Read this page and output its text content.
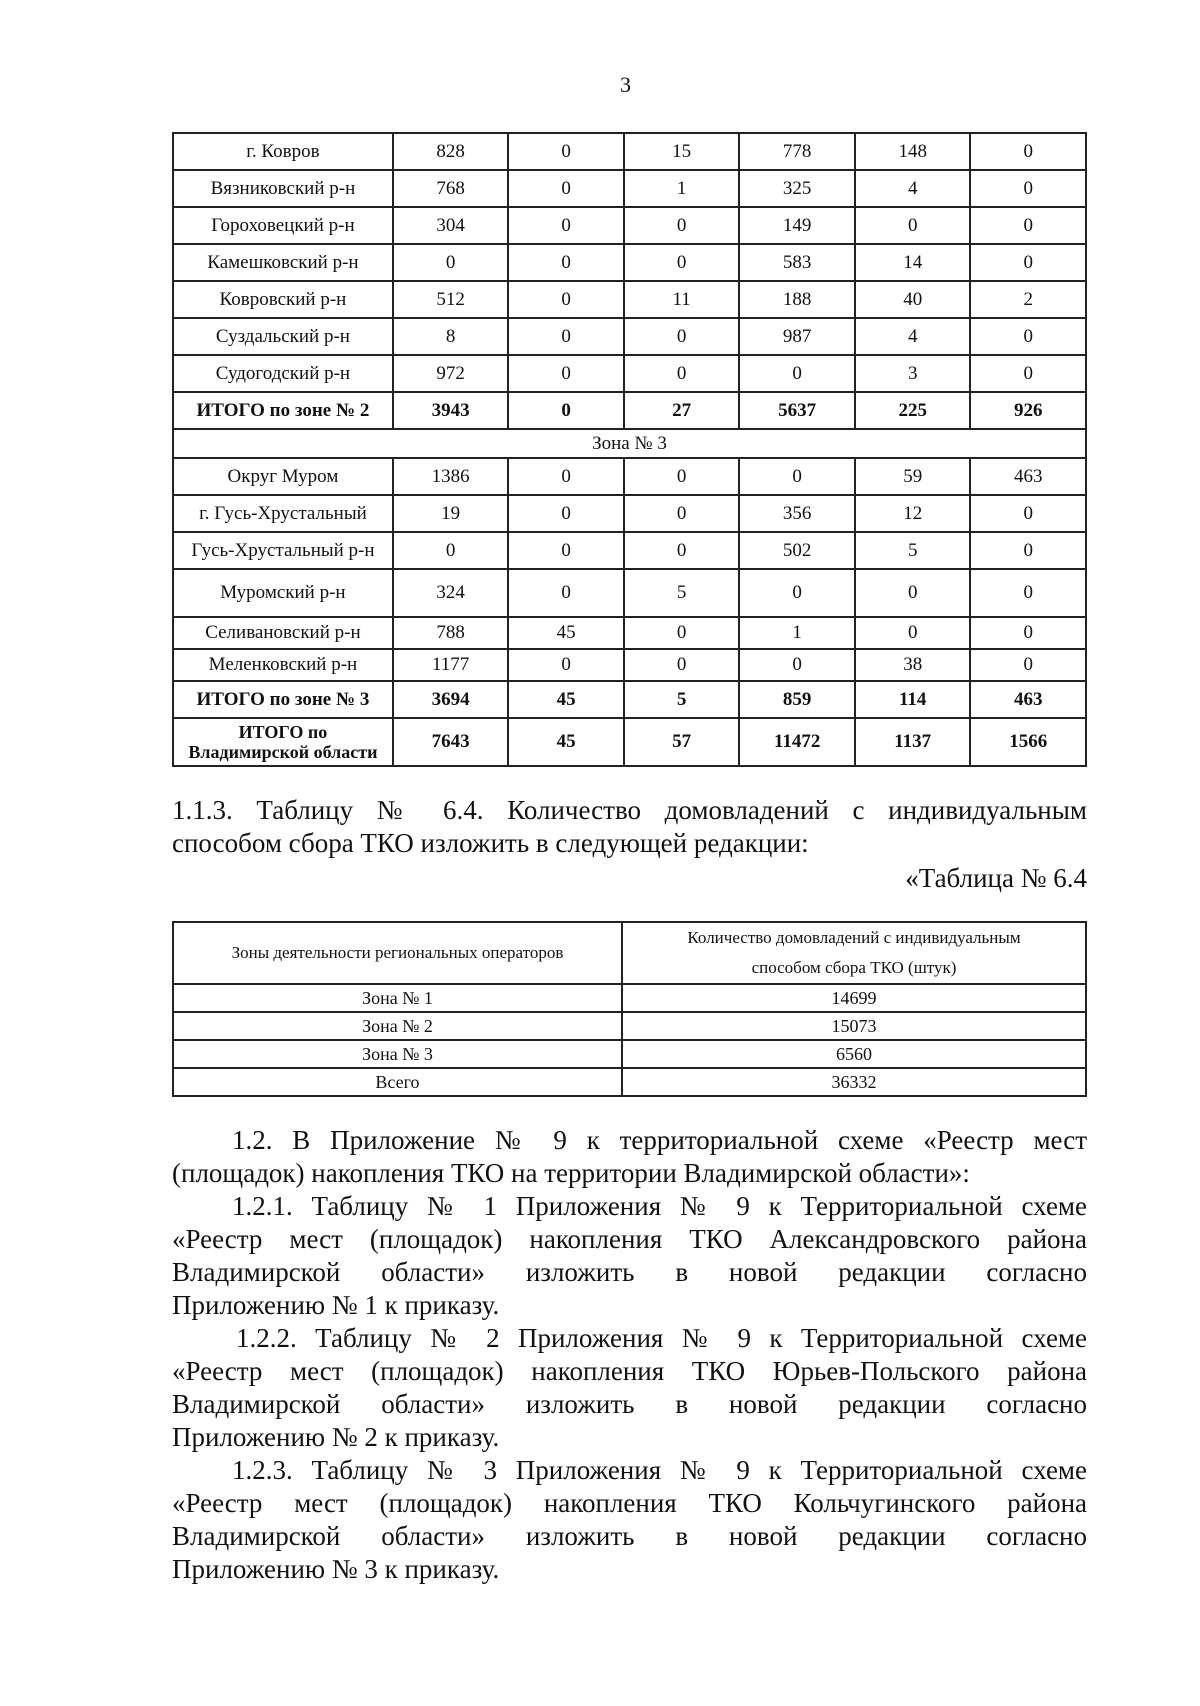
3
г. Ковров	828	0	15	778	148	0
Вязниковский р-н	768	0	1	325	4	0
Гороховецкий р-н	304	0	0	149	0	0
Камешковский р-н	0	0	0	583	14	0
Ковровский р-н	512	0	11	188	40	2
Суздальский р-н	8	0	0	987	4	0
Судогодский р-н	972	0	0	0	3	0
ИТОГО по зоне № 2	3943	0	27	5637	225	926
Зона № 3						
Округ Муром	1386	0	0	0	59	463
г. Гусь-Хрустальный	19	0	0	356	12	0
Гусь-Хрустальный р-н	0	0	0	502	5	0
Муромский р-н	324	0	5	0	0	0
Селивановский р-н	788	45	0	1	0	0
Меленковский р-н	1177	0	0	0	38	0
ИТОГО по зоне № 3	3694	45	5	859	114	463
ИТОГО по
Владимирской области	7643	45	57	11472	1137	1566
1.1.3. Таблицу № 6.4. Количество домовладений с индивидуальным
способом сбора ТКО изложить в следующей редакции:
«Таблица № 6.4
Зоны деятельности региональных операторов	Количество домовладений с индивидуальным
способом сбора ТКО (штук)
Зона № 1	14699
Зона № 2	15073
Зона № 3	6560
Всего	36332
1.2. В Приложение № 9 к территориальной схеме «Реестр мест
(площадок) накопления ТКО на территории Владимирской области»:
1.2.1. Таблицу № 1 Приложения № 9 к Территориальной схеме
«Реестр мест (площадок) накопления ТКО Александровского района
Владимирской области» изложить в новой редакции согласно
Приложению № 1 к приказу.
1.2.2. Таблицу № 2 Приложения № 9 к Территориальной схеме
«Реестр мест (площадок) накопления ТКО Юрьев-Польского района
Владимирской области» изложить в новой редакции согласно
Приложению № 2 к приказу.
1.2.3. Таблицу № 3 Приложения № 9 к Территориальной схеме
«Реестр мест (площадок) накопления ТКО Кольчугинского района
Владимирской области» изложить в новой редакции согласно
Приложению № 3 к приказу.
